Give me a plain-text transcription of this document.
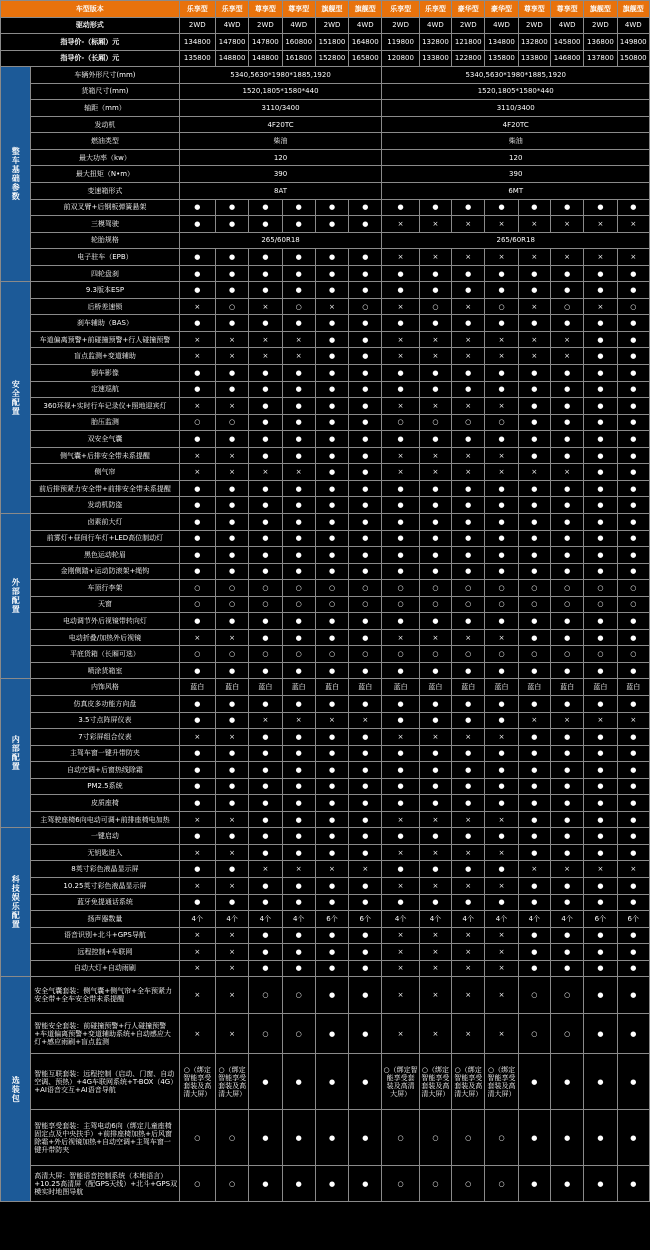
车型版本		乐享型	乐享型	尊享型	尊享型	旗舰型	旗舰型	乐享型	乐享型	豪华型	豪华型	尊享型	尊享型	旗舰型	旗舰型
驱动形式		2WD	4WD	2WD	4WD	2WD	4WD	2WD	4WD	2WD	4WD	2WD	4WD	2WD	4WD
指导价-（标厢）元		134800	147800	147800	160800	151800	164800	119800	132800	121800	134800	132800	145800	136800	149800
指导价-（长厢）元		135800	148800	148800	161800	152800	165800	120800	133800	122800	135800	133800	146800	137800	150800
整车基础参数	车辆外形尺寸(mm)	5340,5630*1980*1885,1920						5340,5630*1980*1885,1920							
	货箱尺寸(mm)	1520,1805*1580*440						1520,1805*1580*440							
	轴距（mm）	3110/3400						3110/3400							
	发动机	4F20TC						4F20TC							
	燃油类型	柴油						柴油							
	最大功率（kw）	120						120							
	最大扭矩（N•m）	390						390							
	变速箱形式	8AT						6MT							
	前双叉臂+后钢板弹簧悬架	●	●	●	●	●	●	●	●	●	●	●	●	●	●
	三模驾驶	●	●	●	●	●	●	×	×	×	×	×	×	×	×
	轮胎规格	265/60R18						265/60R18							
	电子驻车（EPB）	●	●	●	●	●	●	×	×	×	×	×	×	×	×
	四轮盘刹	●	●	●	●	●	●	●	●	●	●	●	●	●	●
安全配置	9.3版本ESP	●	●	●	●	●	●	●	●	●	●	●	●	●	●
	后桥差速锁	×	○	×	○	×	○	×	○	×	○	×	○	×	○
	刹车辅助（BAS）	●	●	●	●	●	●	●	●	●	●	●	●	●	●
	车道偏离预警+前碰撞预警+行人碰撞预警	×	×	×	×	●	●	×	×	×	×	×	×	●	●
	盲点监测+变道辅助	×	×	×	×	●	●	×	×	×	×	×	×	●	●
	倒车影像	●	●	●	●	●	●	●	●	●	●	●	●	●	●
	定速巡航	●	●	●	●	●	●	●	●	●	●	●	●	●	●
	360环视+实时行车记录仪+照地迎宾灯	×	×	●	●	●	●	×	×	×	×	●	●	●	●
	胎压监测	○	○	●	●	●	●	○	○	○	○	●	●	●	●
	双安全气囊	●	●	●	●	●	●	●	●	●	●	●	●	●	●
	侧气囊+后排安全带未系提醒	×	×	●	●	●	●	×	×	×	×	●	●	●	●
	侧气帘	×	×	×	×	●	●	×	×	×	×	×	×	●	●
	前后排预紧力安全带+前排安全带未系提醒	●	●	●	●	●	●	●	●	●	●	●	●	●	●
	发动机防盗	●	●	●	●	●	●	●	●	●	●	●	●	●	●
外部配置	卤素前大灯	●	●	●	●	●	●	●	●	●	●	●	●	●	●
	前雾灯+昼间行车灯+LED高位制动灯	●	●	●	●	●	●	●	●	●	●	●	●	●	●
	黑色运动轮眉	●	●	●	●	●	●	●	●	●	●	●	●	●	●
	金刚侧踏+运动防滚架+绳钩	●	●	●	●	●	●	●	●	●	●	●	●	●	●
	车顶行李架	○	○	○	○	○	○	○	○	○	○	○	○	○	○
	天窗	○	○	○	○	○	○	○	○	○	○	○	○	○	○
	电动调节外后视镜带转向灯	●	●	●	●	●	●	●	●	●	●	●	●	●	●
	电动折叠/加热外后视镜	×	×	●	●	●	●	×	×	×	×	●	●	●	●
	平底货箱（长厢可选）	○	○	○	○	○	○	○	○	○	○	○	○	○	○
	喷涂货箱室	●	●	●	●	●	●	●	●	●	●	●	●	●	●
内部配置	内饰风格	蓝白	蓝白	蓝白	蓝白	蓝白	蓝白	蓝白	蓝白	蓝白	蓝白	蓝白	蓝白	蓝白	蓝白
	仿真皮多功能方向盘	●	●	●	●	●	●	●	●	●	●	●	●	●	●
	3.5寸点阵屏仪表	●	●	×	×	×	×	●	●	●	●	×	×	×	×
	7寸彩屏组合仪表	×	×	●	●	●	●	×	×	×	×	●	●	●	●
	主驾车窗一键升带防夹	●	●	●	●	●	●	●	●	●	●	●	●	●	●
	自动空调+后窗热线除霜	●	●	●	●	●	●	●	●	●	●	●	●	●	●
	PM2.5系统	●	●	●	●	●	●	●	●	●	●	●	●	●	●
	皮质座椅	●	●	●	●	●	●	●	●	●	●	●	●	●	●
	主驾驶座椅6向电动可调+前排座椅电加热	×	×	●	●	●	●	×	×	×	×	●	●	●	●
科技娱乐配置	一键启动	●	●	●	●	●	●	●	●	●	●	●	●	●	●
	无钥匙进入	×	×	●	●	●	●	×	×	×	×	●	●	●	●
	8英寸彩色液晶显示屏	●	●	×	×	×	×	●	●	●	●	×	×	×	×
	10.25英寸彩色液晶显示屏	×	×	●	●	●	●	×	×	×	×	●	●	●	●
	蓝牙免提通话系统	●	●	●	●	●	●	●	●	●	●	●	●	●	●
	扬声器数量	4个	4个	4个	4个	6个	6个	4个	4个	4个	4个	4个	4个	6个	6个
	语音识别+北斗+GPS导航	×	×	●	●	●	●	×	×	×	×	●	●	●	●
	远程控制+车联网	×	×	●	●	●	●	×	×	×	×	●	●	●	●
	自动大灯+自动雨刷	×	×	●	●	●	●	×	×	×	×	●	●	●	●
选装包	安全气囊套装：侧气囊+侧气帘+全车预紧力安全带+全车安全带未系提醒	×	×	○	○	●	●	×	×	×	×	○	○	●	●
	智能安全套装：前碰撞预警+行人碰撞预警+车道偏离预警+变道辅助系统+自动感应大灯+感应雨刷+盲点监测	×	×	○	○	●	●	×	×	×	×	○	○	●	●
	智能互联套装：远程控制（启动、门窗、自动空调、预热）+4G车联网系统+T-BOX（4G）+AI语音交互+AI语音导航	○（绑定智能享受套装及高清大屏）	○（绑定智能享受套装及高清大屏）	●	●	●	●	○（绑定智能享受套装及高清大屏）	○（绑定智能享受套装及高清大屏）	○（绑定智能享受套装及高清大屏）	○（绑定智能享受套装及高清大屏）	●	●	●	●
	智能享受套装：主驾电动6向（绑定儿童座椅固定点及中央扶手）+前排座椅加热+后风窗除霜+外后视镜加热+自动空调+主驾车窗一键升带防夹	○	○	●	●	●	●	○	○	○	○	●	●	●	●
	高清大屏：智能语音控制系统（本地语言）+10.25高清屏（配GPS天线）+北斗+GPS双模实时地图导航	○	○	●	●	●	●	○	○	○	○	●	●	●	●
